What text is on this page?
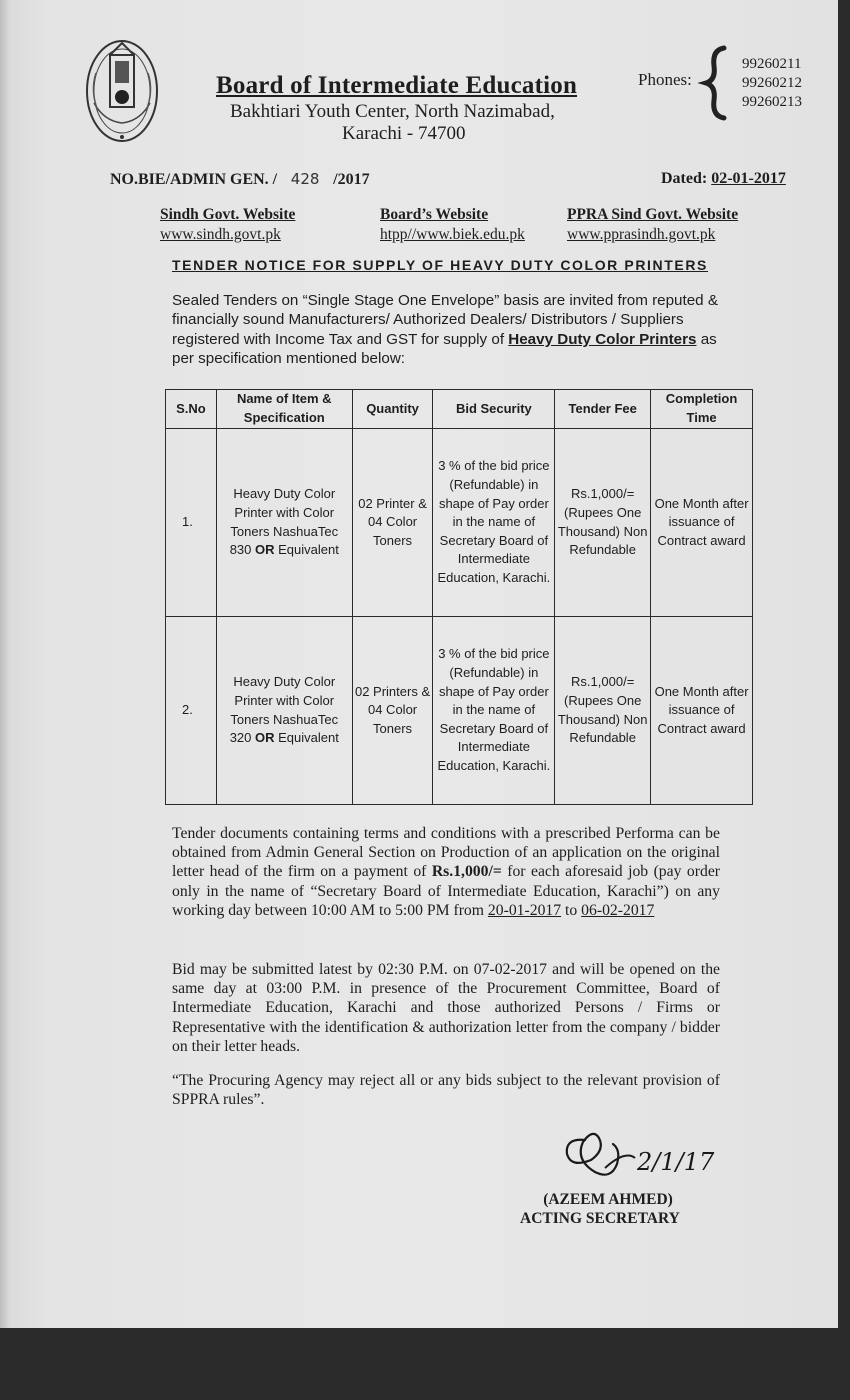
Board of Intermediate Education
Bakhtiari Youth Center, North Nazimabad,
Karachi - 74700
Phones:
99260211
99260212
99260213
NO.BIE/ADMIN GEN. / 428 /2017	Dated: 02-01-2017
Sindh Govt. Website
www.sindh.govt.pk
Board’s Website
htpp//www.biek.edu.pk
PPRA Sind Govt. Website
www.pprasindh.govt.pk
TENDER NOTICE FOR SUPPLY OF HEAVY DUTY COLOR PRINTERS
Sealed Tenders on “Single Stage One Envelope” basis are invited from reputed & financially sound Manufacturers/ Authorized Dealers/ Distributors / Suppliers registered with Income Tax and GST for supply of Heavy Duty Color Printers as per specification mentioned below:
S.No	Name of Item & Specification	Quantity	Bid Security	Tender Fee	Completion Time
1.	Heavy Duty Color Printer with Color Toners NashuaTec 830 OR Equivalent	02 Printer & 04 Color Toners	3 % of the bid price (Refundable) in shape of Pay order in the name of Secretary Board of Intermediate Education, Karachi.	Rs.1,000/= (Rupees One Thousand) Non Refundable	One Month after issuance of Contract award
2.	Heavy Duty Color Printer with Color Toners NashuaTec 320 OR Equivalent	02 Printers & 04 Color Toners	3 % of the bid price (Refundable) in shape of Pay order in the name of Secretary Board of Intermediate Education, Karachi.	Rs.1,000/= (Rupees One Thousand) Non Refundable	One Month after issuance of Contract award
Tender documents containing terms and conditions with a prescribed Performa can be obtained from Admin General Section on Production of an application on the original letter head of the firm on a payment of Rs.1,000/= for each aforesaid job (pay order only in the name of “Secretary Board of Intermediate Education, Karachi”) on any working day between 10:00 AM to 5:00 PM from 20-01-2017 to 06-02-2017
Bid may be submitted latest by 02:30 P.M. on 07-02-2017 and will be opened on the same day at 03:00 P.M. in presence of the Procurement Committee, Board of Intermediate Education, Karachi and those authorized Persons / Firms or Representative with the identification & authorization letter from the company / bidder on their letter heads.
“The Procuring Agency may reject all or any bids subject to the relevant provision of SPPRA rules”.
2/1/17
(AZEEM AHMED)
ACTING SECRETARY
